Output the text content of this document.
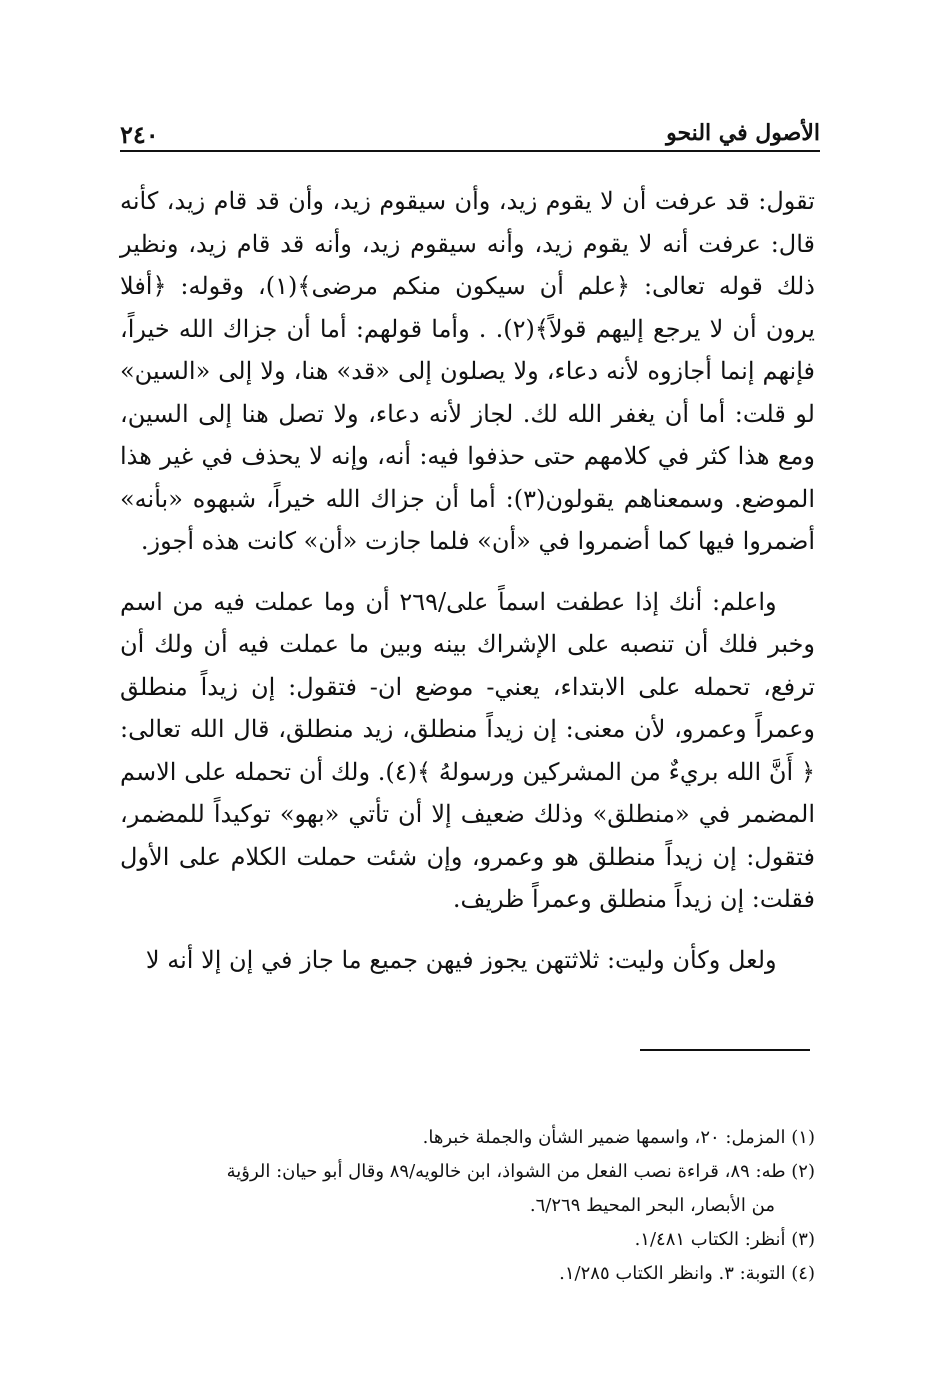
٢٤٠	الأصول في النحو

تقول: قد عرفت أن لا يقوم زيد، وأن سيقوم زيد، وأن قد قام زيد، كأنه قال: عرفت أنه لا يقوم زيد، وأنه سيقوم زيد، وأنه قد قام زيد، ونظير ذلك قوله تعالى: ﴿علم أن سيكون منكم مرضى﴾(١)، وقوله: ﴿أفلا يرون أن لا يرجع إليهم قولاً﴾(٢). . وأما قولهم: أما أن جزاك الله خيراً، فإنهم إنما أجازوه لأنه دعاء، ولا يصلون إلى «قد» هنا، ولا إلى «السين» لو قلت: أما أن يغفر الله لك. لجاز لأنه دعاء، ولا تصل هنا إلى السين، ومع هذا كثر في كلامهم حتى حذفوا فيه: أنه، وإنه لا يحذف في غير هذا الموضع. وسمعناهم يقولون(٣): أما أن جزاك الله خيراً، شبهوه «بأنه» أضمروا فيها كما أضمروا في «أن» فلما جازت «أن» كانت هذه أجوز.

واعلم: أنك إذا عطفت اسماً على/٢٦٩ أن وما عملت فيه من اسم وخبر فلك أن تنصبه على الإشراك بينه وبين ما عملت فيه أن ولك أن ترفع، تحمله على الابتداء، يعني- موضع ان- فتقول: إن زيداً منطلق وعمراً وعمرو، لأن معنى: إن زيداً منطلق، زيد منطلق، قال الله تعالى: ﴿ أَنَّ الله بريءٌ من المشركين ورسولهُ ﴾(٤). ولك أن تحمله على الاسم المضمر في «منطلق» وذلك ضعيف إلا أن تأتي «بهو» توكيداً للمضمر، فتقول: إن زيداً منطلق هو وعمرو، وإن شئت حملت الكلام على الأول فقلت: إن زيداً منطلق وعمراً ظريف.

ولعل وكأن وليت: ثلاثتهن يجوز فيهن جميع ما جاز في إن إلا أنه لا

(١) المزمل: ٢٠، واسمها ضمير الشأن والجملة خبرها.
(٢) طه: ٨٩، قراءة نصب الفعل من الشواذ، ابن خالويه/٨٩ وقال أبو حيان: الرؤية
من الأبصار، البحر المحيط ٦/٢٦٩.
(٣) أنظر: الكتاب ١/٤٨١.
(٤) التوبة: ٣. وانظر الكتاب ١/٢٨٥.
